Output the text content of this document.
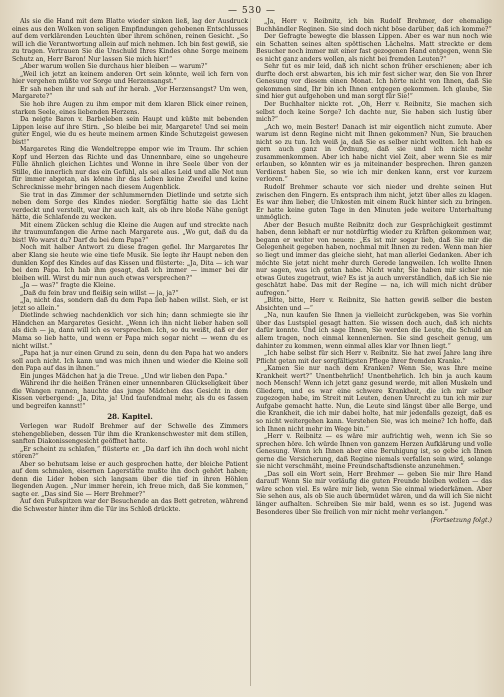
— 530 —

Als sie die Hand mit dem Blatte wieder sinken ließ, lag der Ausdruck eines aus den Wolken von seligen Empfindungen gehobenen Entschlusses auf dem verklärenden Leuchten über ihrem schönen, reinen Gesicht. „So will ich die Verantwortung allein auf mich nehmen. Ich bin fest gewiß, sie zu tragen. Vertrauen Sie die Unschuld Ihres Kindes ohne Sorge meinem Schutz an, Herr Baron! Nur lassen Sie mich hier!“

„Aber warum wollen Sie durchaus hier bleiben — warum?“

„Weil ich jetzt an keinem anderen Ort sein könnte, weil ich fern von hier vergehen müßte vor Sorge und Herzensangst.“

Er sah neben ihr und sah auf ihr herab. „Vor Herzensangst? Um wen, Margarete?“

Sie hob ihre Augen zu ihm empor mit dem klaren Blick einer reinen, starken Seele, eines liebenden Herzens.

Da neigte Baron v. Barbeleben sein Haupt und küßte mit bebenden Lippen leise auf ihre Stirn. „So bleibe bei mir, Margarete! Und sei mein guter Engel, wie du es heute meinem armen Kinde Schutzgeist gewesen bist!“

Margaretes Ring die Wendeltreppe empor wie im Traum. Ihr schien Kopf und Herzen das Richte und das Unnennbare, eine so ungeheure Fülle ähnlich gleichen Lichtes und Wonne in ihre Seele über von der Stille, die innerlich nur das ein Gefühl, als sei alles Leid und alle Not nun für immer abgetan, als könne ihr das Leben keine Zweifel und keine Schrecknisse mehr bringen nach diesem Augenblick.

Sie trat in das Zimmer der schlummernden Dietlinde und setzte sich neben dem Sorge des Kindes nieder. Sorgfältig hatte sie das Licht verdeckt und verstellt, war ihr auch kalt, als ob ihre bloße Nähe genügt hätte, die Schlafende zu wecken.

Mit einem Zücken schlug die Kleine die Augen auf und streckte nach ihr traumumfangen die Arme nach Margarete aus. „Wo gut, daß du da bist! Wo warst du? Darf du bei dem Papa?“

Noch mit halber Antwort zu diese fragen gefiel. Ihr Margaretes Ihr aber Klang sie heute wie eine tiefe Musik. Sie legte ihr Haupt neben den dunklen Kopf des Kindes auf das Kissen und flüsterte: „Ja, Dita — ich war bei dem Papa. Ich hab ihm gesagt, daß ich immer — immer bei dir bleiben will. Wirst du mir nun auch etwas versprechen?“

„Ja — was?“ fragte die Kleine.

„Daß du fein brav und fleißig sein willst — ja, ja?“

„Ja, nicht das, sondern daß du dem Papa lieb haben willst. Sieh, er ist jetzt so allein.“

Dietlinde schwieg nachdenklich vor sich hin; dann schmiegte sie ihr Händchen an Margaretes Gesicht. „Wenn ich ihn nicht lieber haben soll als dich — ja, dann will ich es versprechen. Ich, so du weißt, daß er der Mama so lieb hatte, und wenn er Papa mich sogar nicht — wenn du es nicht willst.“

„Papa hat ja nur einen Grund zu sein, denn du den Papa hat wo anders soll auch nicht. Ich kann und was mich ihnen und wieder die Kleine soll den Papa auf das in ihnen.“

Ein junges Mädchen hat ja die Treue. „Und wir lieben den Papa.“

Während ihr die heißen Tränen einer unnennbaren Glückseligkeit über die Wangen rannen, hauchte das junge Mädchen das Gesicht in dem Kissen verbergend: „Ja, Dita, ja! Und taufendmal mehr, als du es fassen und begreifen kannst!“

28. Kapitel.

Verlegen war Rudolf Brehmer auf der Schwelle des Zimmers stehengeblieben, dessen Tür ihm die Krankenschwester mit dem stillen, sanften Diakonissengesicht geöffnet hatte.

„Er scheint zu schlafen,“ flüsterte er. „Da darf ich ihn doch wohl nicht stören?“

Aber so behutsam leise er auch gesprochen hatte, der bleiche Patient auf dem schmalen, eisernen Lagerstätte mußte ihn doch gehört haben; denn die Lider hoben sich langsam über die tief in ihren Höhlen liegenden Augen. „Nur immer herein, ich freue mich, daß Sie kommen,“ sagte er. „Das sind Sie — Herr Brehmer?“

Auf den Fußspitzen war der Besuchende an das Bett getreten, während die Schwester hinter ihm die Tür ins Schloß drückte.

„Ja, Herr v. Reibnitz, ich bin Rudolf Brehmer, der ehemalige Buchhändler Reginen. Sie sind doch nicht böse darüber, daß ich komme?“

Der Gefragte bewegte die blassen Lippen. Aber es war nun noch wie ein Schatten seines alten spöttischen Lächelns. Matt streckte er dem Besucher noch immer mit einer fast gezogenen Hand entgegen, wenn Sie es nicht ganz anders wollen, als nicht bei fremden Leuten?“

Sehr tut es mir leid, daß ich nicht schon früher erschienen; aber ich durfte doch erst abwarten, bis ich mir fest sicher war, den Sie von Ihrer Genesung vor diesem einen Monat. Ich hörte nicht von Ihnen, daß Sie gekommen sind, Ihr bin ich Ihnen entgegen gekommen. Ich glaube, Sie sind hier gut aufgehoben und man sorgt für Sie!“

Der Buchhalter nickte rot. „Oh, Herr v. Reibnitz, Sie machen sich selbst doch keine Sorge? Ich dachte nur, Sie haben sich lustig über mich?“

„Ach wo, mein Bester! Danach ist mir eigentlich nicht zumute. Aber warum ist denn Regine nicht mit Ihnen gekommen? Nun, Sie brauchen nicht so zu tun. Ich weiß ja, daß Sie es selber nicht wollten. Ich hab es gern auch ganz in Ordnung, daß sie und ich nicht mehr zusammenkommen. Aber ich habe nicht viel Zeit, aber wenn Sie es mir erlauben, so könnten wir es ja miteinander besprechen. Ihren ganzen Verdienst haben Sie, so wie ich mir denken kann, erst vor kurzem verloren.“

Rudolf Brehmer schaute vor sich nieder und drehte seinen Hut zwischen den Fingern. Es entsprach ihm nicht, jetzt über alles zu klagen. Es war ihm lieber, die Unkosten mit einem Ruck hinter sich zu bringen. Er hatte keine guten Tage in den Minuten jede weitere Unterhaltung unmöglich.

Aber der Besuch mußte Reibnitz doch zur Gesprächigkeit gestimmt haben, denn lebhaft er nur notdürftig wieder zu Kräften gekommen war, begann er weiter von neuem: „Es ist mir sogar lieb, daß Sie mir die Gelegenheit gegeben haben, nochmal mit Ihnen zu reden. Wenn man hier so liegt und immer das gleiche sieht, hat man allerlei Gedanken. Aber ich möchte Sie jetzt nicht mehr durch Gerede langweilen. Ich wollte Ihnen nur sagen, was ich getan habe. Nicht wahr, Sie haben mir sicher nie etwas Gutes zugetraut, wie? Es ist ja auch unverständlich, daß ich Sie nie geschätzt habe. Das mit der Regine — na, ich will mich nicht drüber aufregen.“

„Bitte, bitte, Herr v. Reibnitz, Sie hatten gewiß selber die besten Absichten und —“

„Na, nun kaufen Sie Ihnen ja vielleicht zurückgeben, was Sie vorhin über das Lustspiel gesagt hatten. Sie wissen doch auch, daß ich nichts dafür konnte. Und ich sage Ihnen, Sie werden die Leute, die Schuld an allem tragen, noch einmal kennenlernen. Sie sind gescheit genug, um dahinter zu kommen, wenn einmal alles klar vor Ihnen liegt.“

„Ich habe selbst für sich Herr v. Reibnitz. Sie hat zwei Jahre lang ihre Pflicht getan mit der sorgfältigsten Pflege ihrer fremden Kranke.“

„Kamen Sie nur nach dem Kranken? Wenn Sie, was Ihre meine Krankheit wert?“ Unentbehrlich! Unentbehrlich. Ich bin ja auch kaum noch Mensch! Wenn ich jetzt ganz gesund werde, mit allen Muskeln und Gliedern, und es war eine schwere Krankheit, die ich mir selber zugezogen habe, im Streit mit Leuten, denen Unrecht zu tun ich mir zur Aufgabe gemacht hatte. Nun, die Leute sind längst über alle Berge, und die Krankheit, die ich mir dabei holte, hat mir jedenfalls gezeigt, daß es so nicht weitergehen kann. Verstehen Sie, was ich meine? Ich hoffe, daß ich Ihnen nicht mehr im Wege bin.“

„Herr v. Reibnitz — es wäre mir aufrichtig weh, wenn ich Sie so sprechen höre. Ich würde Ihnen von ganzem Herzen Aufklärung und volle Genesung. Wenn ich Ihnen aber eine Beruhigung ist, so gebe ich Ihnen gerne die Versicherung, daß Regine niemals verfallen sein wird, solange sie nicht verschmäht, meine Freundschaftsdienste anzunehmen.“

„Das soll ein Wort sein, Herr Brehmer — geben Sie mir Ihre Hand darauf! Wenn Sie mir vorläufig die guten Freunde bleiben wollen — das wäre schon viel. Es wäre mir lieb, wenn Sie einmal wiederkämen. Aber Sie sehen aus, als ob Sie auch übermüdet wären, und da will ich Sie nicht länger aufhalten. Schreiben Sie mir bald, wenn es so ist. Jugend was Besonderes über Sie freilich von mir nicht mehr verlangen.“

(Fortsetzung folgt.)
